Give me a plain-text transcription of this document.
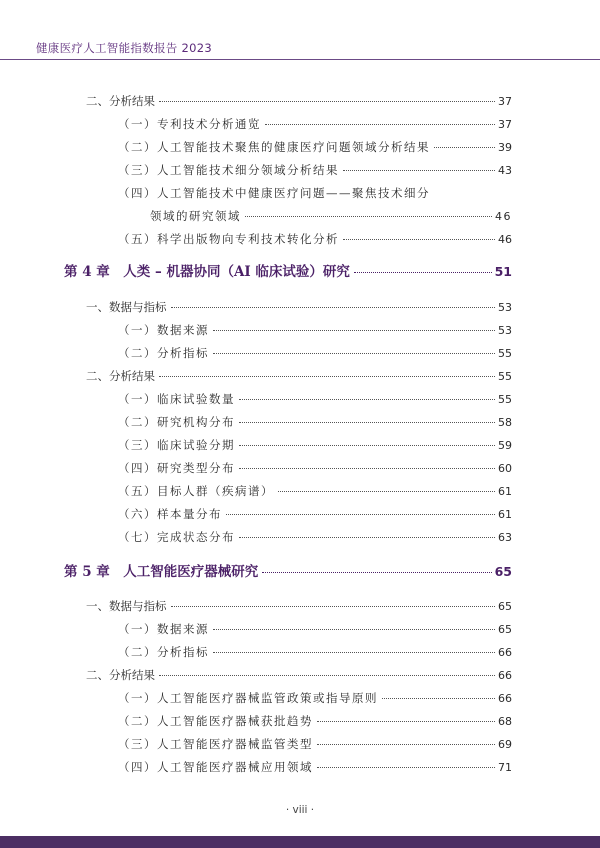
健康医疗人工智能指数报告 2023
二、分析结果	37
（一）专利技术分析通览	37
（二）人工智能技术聚焦的健康医疗问题领域分析结果	39
（三）人工智能技术细分领域分析结果	43
（四）人工智能技术中健康医疗问题——聚焦技术细分
领域的研究领域	46
（五）科学出版物向专利技术转化分析	46
第 4 章　人类 – 机器协同（AI 临床试验）研究	51
一、数据与指标	53
（一）数据来源	53
（二）分析指标	55
二、分析结果	55
（一）临床试验数量	55
（二）研究机构分布	58
（三）临床试验分期	59
（四）研究类型分布	60
（五）目标人群（疾病谱）	61
（六）样本量分布	61
（七）完成状态分布	63
第 5 章　人工智能医疗器械研究	65
一、数据与指标	65
（一）数据来源	65
（二）分析指标	66
二、分析结果	66
（一）人工智能医疗器械监管政策或指导原则	66
（二）人工智能医疗器械获批趋势	68
（三）人工智能医疗器械监管类型	69
（四）人工智能医疗器械应用领域	71
· viii ·
